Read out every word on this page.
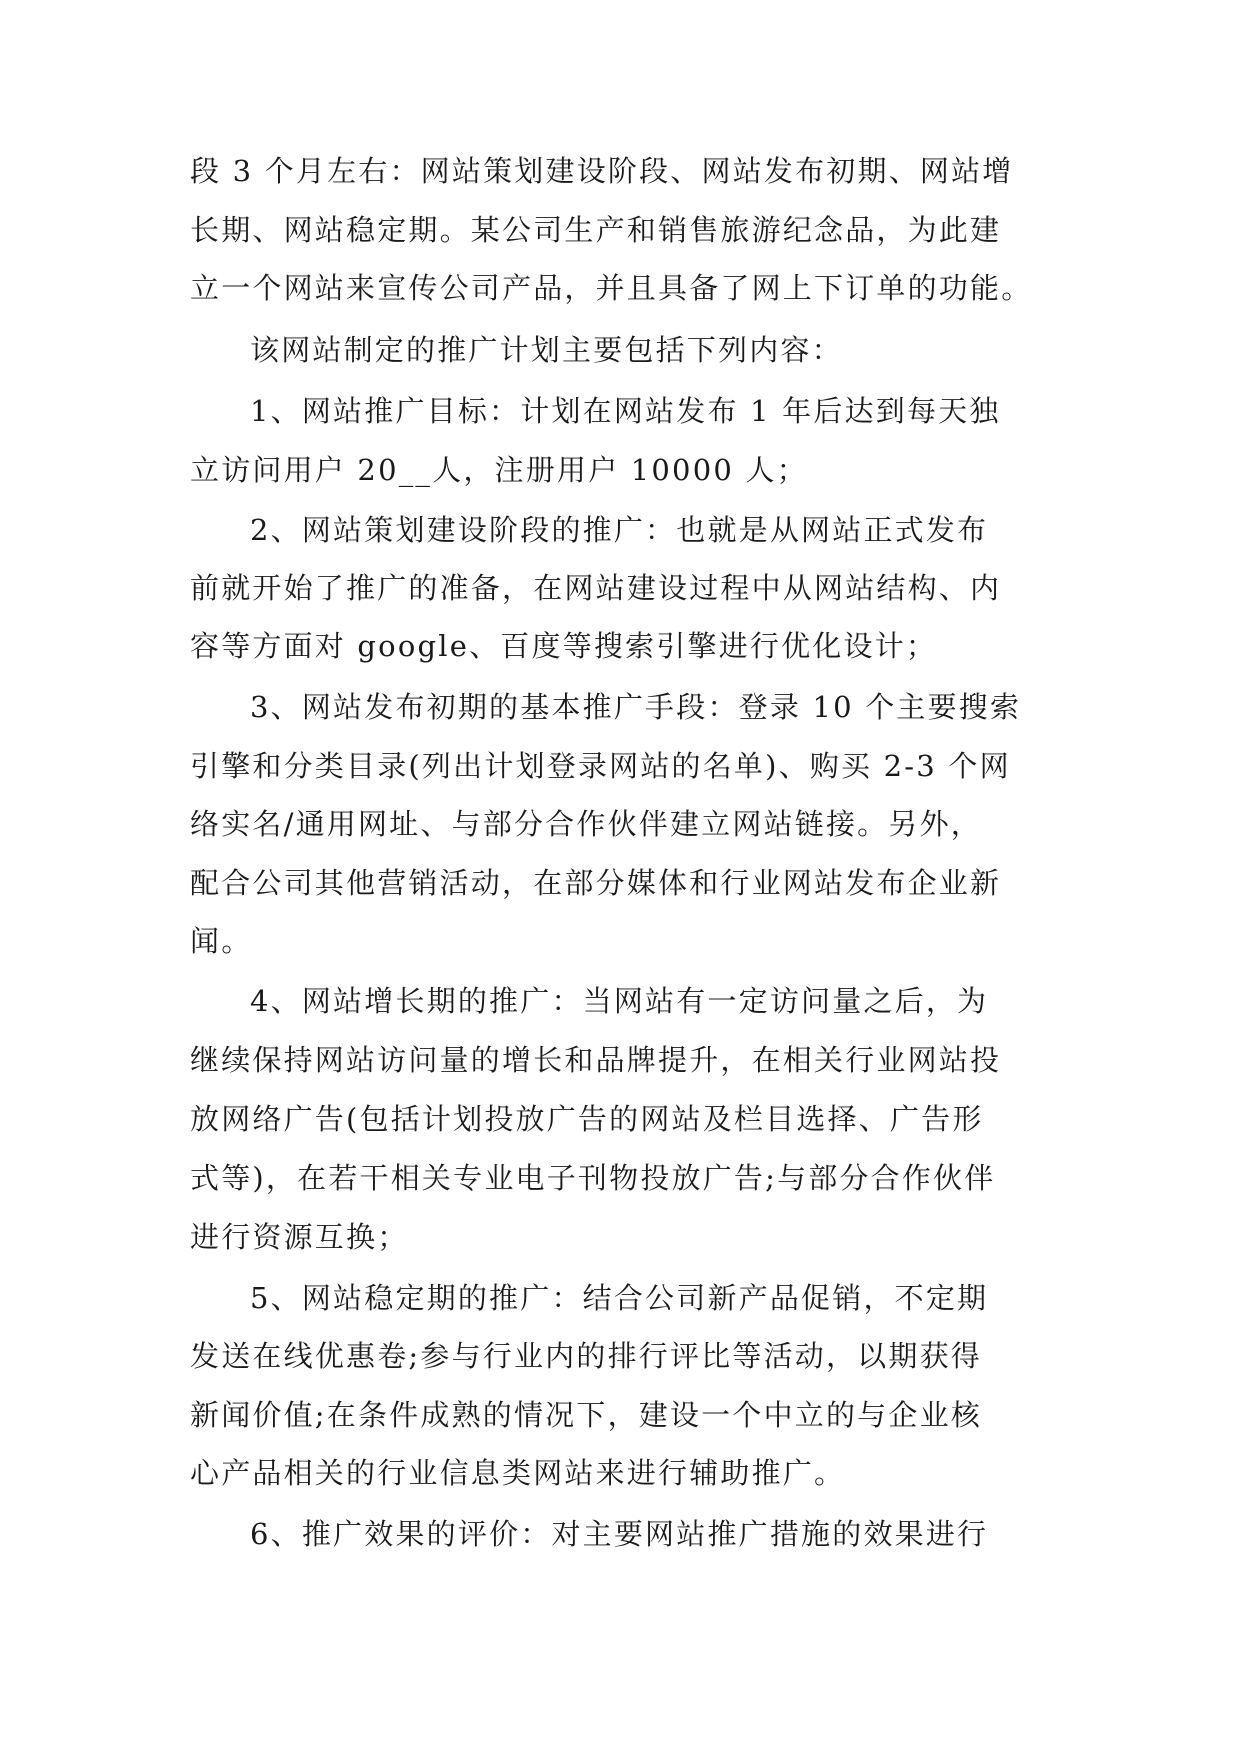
段 3 个月左右：网站策划建设阶段、网站发布初期、网站增
长期、网站稳定期。某公司生产和销售旅游纪念品，为此建
立一个网站来宣传公司产品，并且具备了网上下订单的功能。
该网站制定的推广计划主要包括下列内容：
1、网站推广目标：计划在网站发布 1 年后达到每天独
立访问用户 20__人，注册用户 10000 人；
2、网站策划建设阶段的推广：也就是从网站正式发布
前就开始了推广的准备，在网站建设过程中从网站结构、内
容等方面对 google、百度等搜索引擎进行优化设计；
3、网站发布初期的基本推广手段：登录 10 个主要搜索
引擎和分类目录(列出计划登录网站的名单)、购买 2-3 个网
络实名/通用网址、与部分合作伙伴建立网站链接。另外，
配合公司其他营销活动，在部分媒体和行业网站发布企业新
闻。
4、网站增长期的推广：当网站有一定访问量之后，为
继续保持网站访问量的增长和品牌提升，在相关行业网站投
放网络广告(包括计划投放广告的网站及栏目选择、广告形
式等)，在若干相关专业电子刊物投放广告;与部分合作伙伴
进行资源互换；
5、网站稳定期的推广：结合公司新产品促销，不定期
发送在线优惠卷;参与行业内的排行评比等活动，以期获得
新闻价值;在条件成熟的情况下，建设一个中立的与企业核
心产品相关的行业信息类网站来进行辅助推广。
6、推广效果的评价：对主要网站推广措施的效果进行
